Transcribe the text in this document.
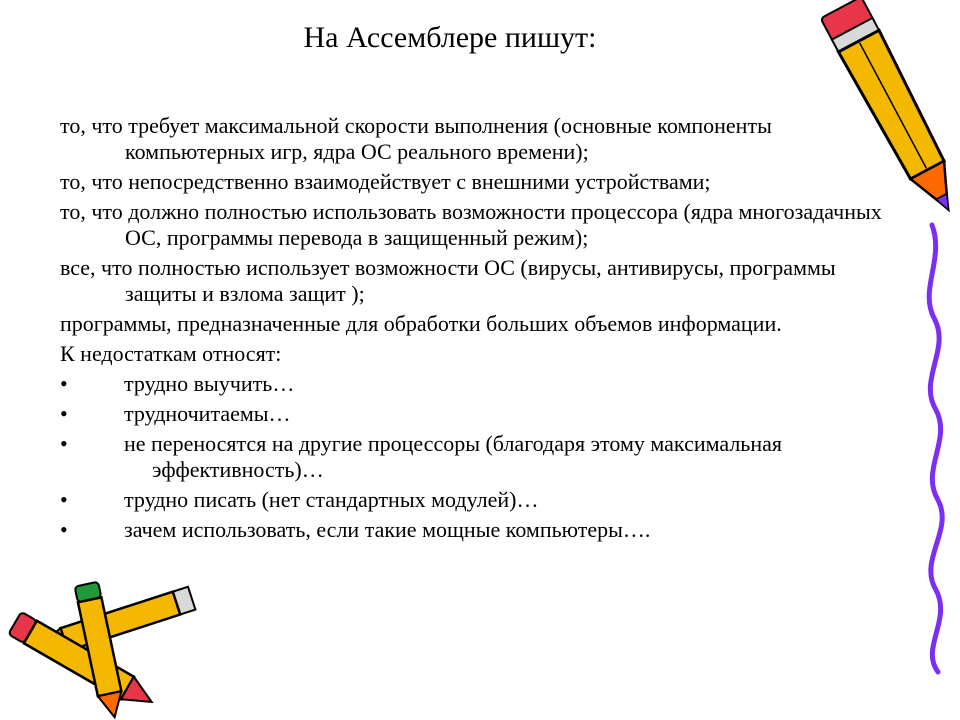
На Ассемблере пишут:
то, что требует максимальной скорости выполнения (основные компоненты компьютерных игр, ядра ОС реального времени);
то, что непосредственно взаимодействует с внешними устройствами;
то, что должно полностью использовать возможности процессора (ядра многозадачных ОС, программы перевода в защищенный режим);
все, что полностью использует возможности ОС (вирусы, антивирусы, программы защиты и взлома защит );
программы, предназначенные для обработки больших объемов информации.
К недостаткам относят:
•	трудно выучить…
•	трудночитаемы…
•	не переносятся на другие процессоры (благодаря этому максимальная эффективность)…
•	трудно писать (нет стандартных модулей)…
•	зачем использовать, если такие мощные компьютеры….
